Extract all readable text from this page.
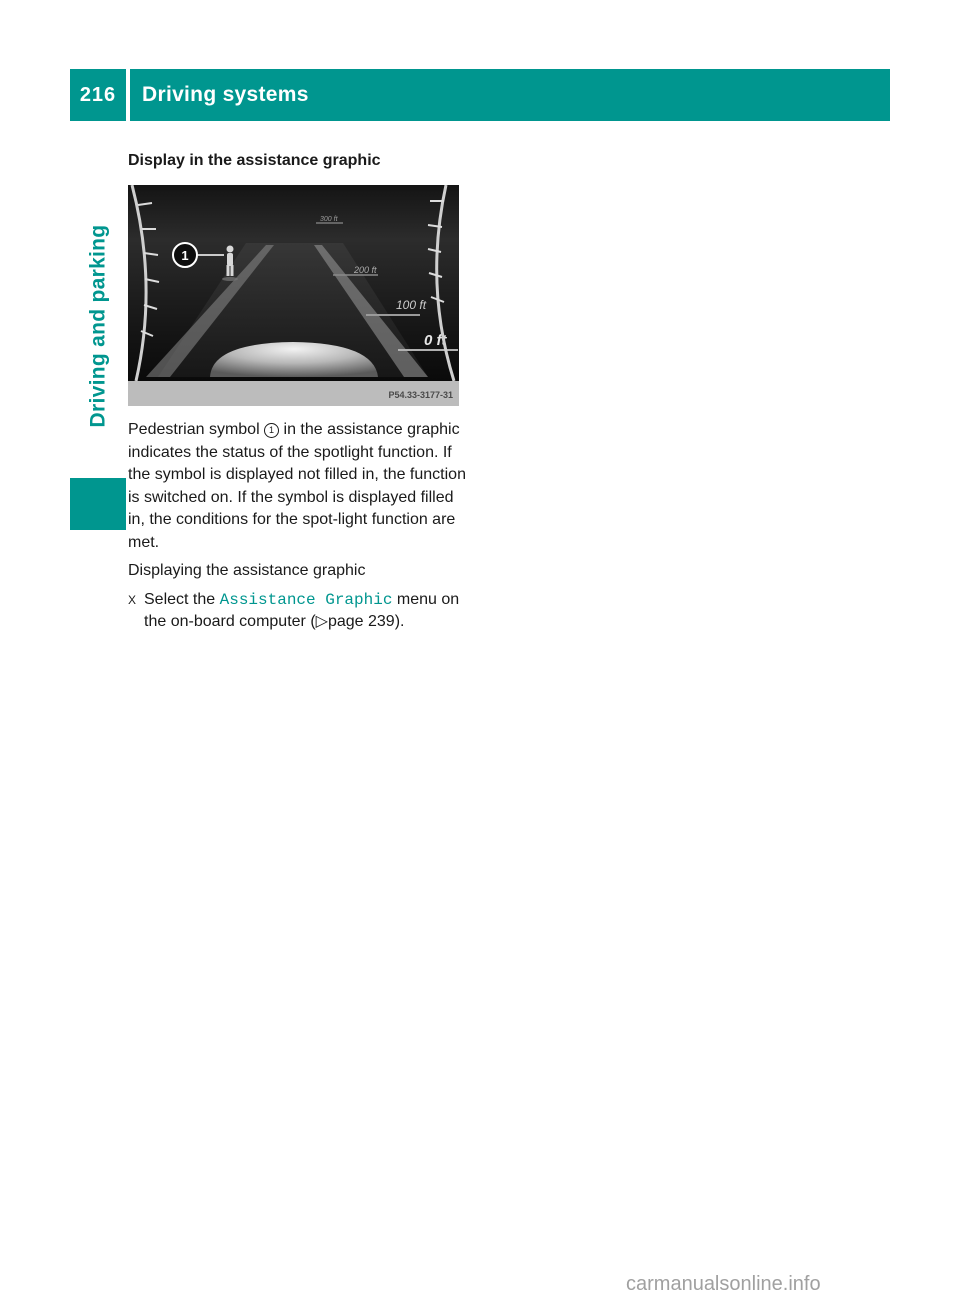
216	Driving systems
Driving and parking
Display in the assistance graphic
300 ft
200 ft
100 ft
0 ft
1
P54.33-3177-31

Pedestrian symbol 1 in the assistance graphic indicates the status of the spotlight function. If the symbol is displayed not filled in, the function is switched on. If the symbol is displayed filled in, the conditions for the spot-light function are met.

Displaying the assistance graphic

X Select the Assistance Graphic menu on the on-board computer (▷page 239).

carmanualsonline.info
